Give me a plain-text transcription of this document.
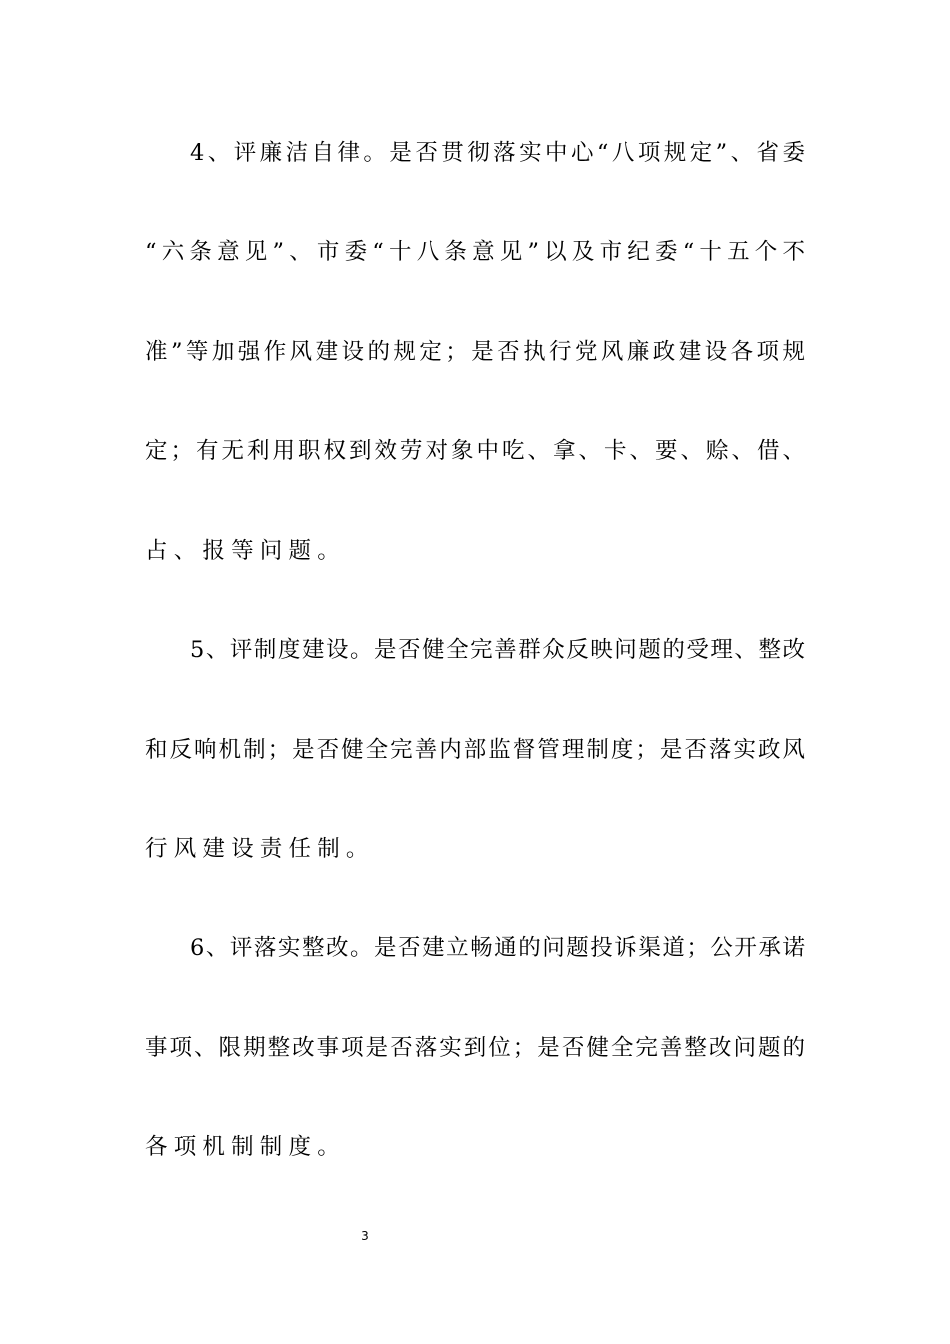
4、评廉洁自律。是否贯彻落实中心“八项规定”、省委
“六条意见”、市委“十八条意见”以及市纪委“十五个不
准”等加强作风建设的规定；是否执行党风廉政建设各项规
定；有无利用职权到效劳对象中吃、拿、卡、要、赊、借、
占、报等问题。
5、评制度建设。是否健全完善群众反映问题的受理、整改
和反响机制；是否健全完善内部监督管理制度；是否落实政风
行风建设责任制。
6、评落实整改。是否建立畅通的问题投诉渠道；公开承诺
事项、限期整改事项是否落实到位；是否健全完善整改问题的
各项机制制度。
3
